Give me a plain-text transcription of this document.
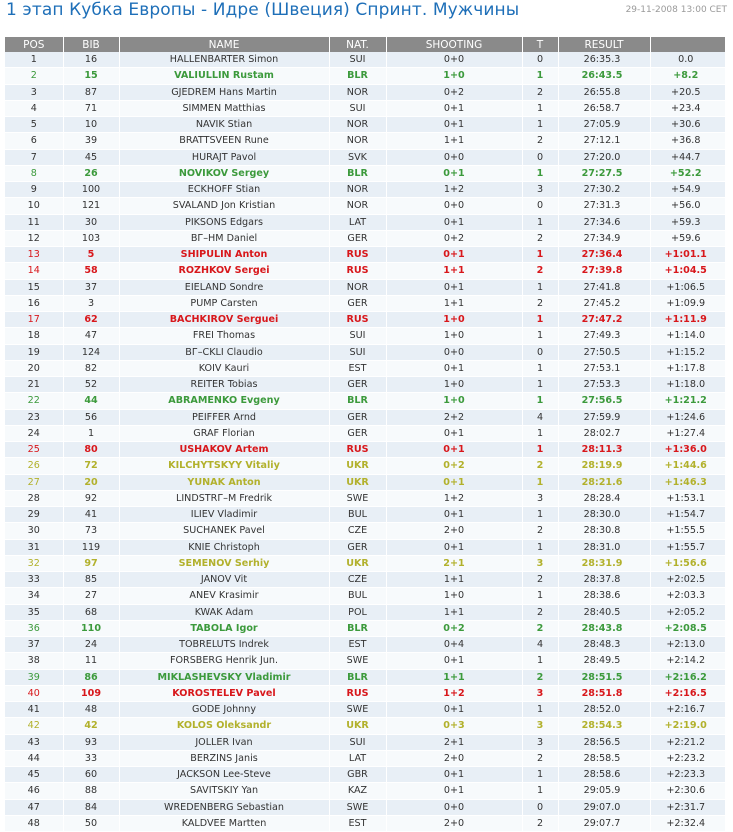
1 этап Кубка Европы - Идре (Швеция) Спринт. Мужчины	29-11-2008 13:00 CET
POS	BIB	NAME	NAT.	SHOOTING	T	RESULT	
1	16	HALLENBARTER Simon	SUI	0+0	0	26:35.3	0.0
2	15	VALIULLIN Rustam	BLR	1+0	1	26:43.5	+8.2
3	87	GJEDREM Hans Martin	NOR	0+2	2	26:55.8	+20.5
4	71	SIMMEN Matthias	SUI	0+1	1	26:58.7	+23.4
5	10	NAVIK Stian	NOR	0+1	1	27:05.9	+30.6
6	39	BRATTSVEEN Rune	NOR	1+1	2	27:12.1	+36.8
7	45	HURAJT Pavol	SVK	0+0	0	27:20.0	+44.7
8	26	NOVIKOV Sergey	BLR	0+1	1	27:27.5	+52.2
9	100	ECKHOFF Stian	NOR	1+2	3	27:30.2	+54.9
10	121	SVALAND Jon Kristian	NOR	0+0	0	27:31.3	+56.0
11	30	PIKSONS Edgars	LAT	0+1	1	27:34.6	+59.3
12	103	ВГ–НМ Daniel	GER	0+2	2	27:34.9	+59.6
13	5	SHIPULIN Anton	RUS	0+1	1	27:36.4	+1:01.1
14	58	ROZHKOV Sergei	RUS	1+1	2	27:39.8	+1:04.5
15	37	EIELAND Sondre	NOR	0+1	1	27:41.8	+1:06.5
16	3	PUMP Carsten	GER	1+1	2	27:45.2	+1:09.9
17	62	BACHKIROV Serguei	RUS	1+0	1	27:47.2	+1:11.9
18	47	FREI Thomas	SUI	1+0	1	27:49.3	+1:14.0
19	124	ВГ–CKLI Claudio	SUI	0+0	0	27:50.5	+1:15.2
20	82	KOIV Kauri	EST	0+1	1	27:53.1	+1:17.8
21	52	REITER Tobias	GER	1+0	1	27:53.3	+1:18.0
22	44	ABRAMENKO Evgeny	BLR	1+0	1	27:56.5	+1:21.2
23	56	PEIFFER Arnd	GER	2+2	4	27:59.9	+1:24.6
24	1	GRAF Florian	GER	0+1	1	28:02.7	+1:27.4
25	80	USHAKOV Artem	RUS	0+1	1	28:11.3	+1:36.0
26	72	KILCHYTSKYY Vitaliy	UKR	0+2	2	28:19.9	+1:44.6
27	20	YUNAK Anton	UKR	0+1	1	28:21.6	+1:46.3
28	92	LINDSTRГ–M Fredrik	SWE	1+2	3	28:28.4	+1:53.1
29	41	ILIEV Vladimir	BUL	0+1	1	28:30.0	+1:54.7
30	73	SUCHANEK Pavel	CZE	2+0	2	28:30.8	+1:55.5
31	119	KNIE Christoph	GER	0+1	1	28:31.0	+1:55.7
32	97	SEMENOV Serhiy	UKR	2+1	3	28:31.9	+1:56.6
33	85	JANOV Vit	CZE	1+1	2	28:37.8	+2:02.5
34	27	ANEV Krasimir	BUL	1+0	1	28:38.6	+2:03.3
35	68	KWAK Adam	POL	1+1	2	28:40.5	+2:05.2
36	110	TABOLA Igor	BLR	0+2	2	28:43.8	+2:08.5
37	24	TOBRELUTS Indrek	EST	0+4	4	28:48.3	+2:13.0
38	11	FORSBERG Henrik Jun.	SWE	0+1	1	28:49.5	+2:14.2
39	86	MIKLASHEVSKY Vladimir	BLR	1+1	2	28:51.5	+2:16.2
40	109	KOROSTELEV Pavel	RUS	1+2	3	28:51.8	+2:16.5
41	48	GODE Johnny	SWE	0+1	1	28:52.0	+2:16.7
42	42	KOLOS Oleksandr	UKR	0+3	3	28:54.3	+2:19.0
43	93	JOLLER Ivan	SUI	2+1	3	28:56.5	+2:21.2
44	33	BERZINS Janis	LAT	2+0	2	28:58.5	+2:23.2
45	60	JACKSON Lee-Steve	GBR	0+1	1	28:58.6	+2:23.3
46	88	SAVITSKIY Yan	KAZ	0+1	1	29:05.9	+2:30.6
47	84	WREDENBERG Sebastian	SWE	0+0	0	29:07.0	+2:31.7
48	50	KALDVEE Martten	EST	2+0	2	29:07.7	+2:32.4
